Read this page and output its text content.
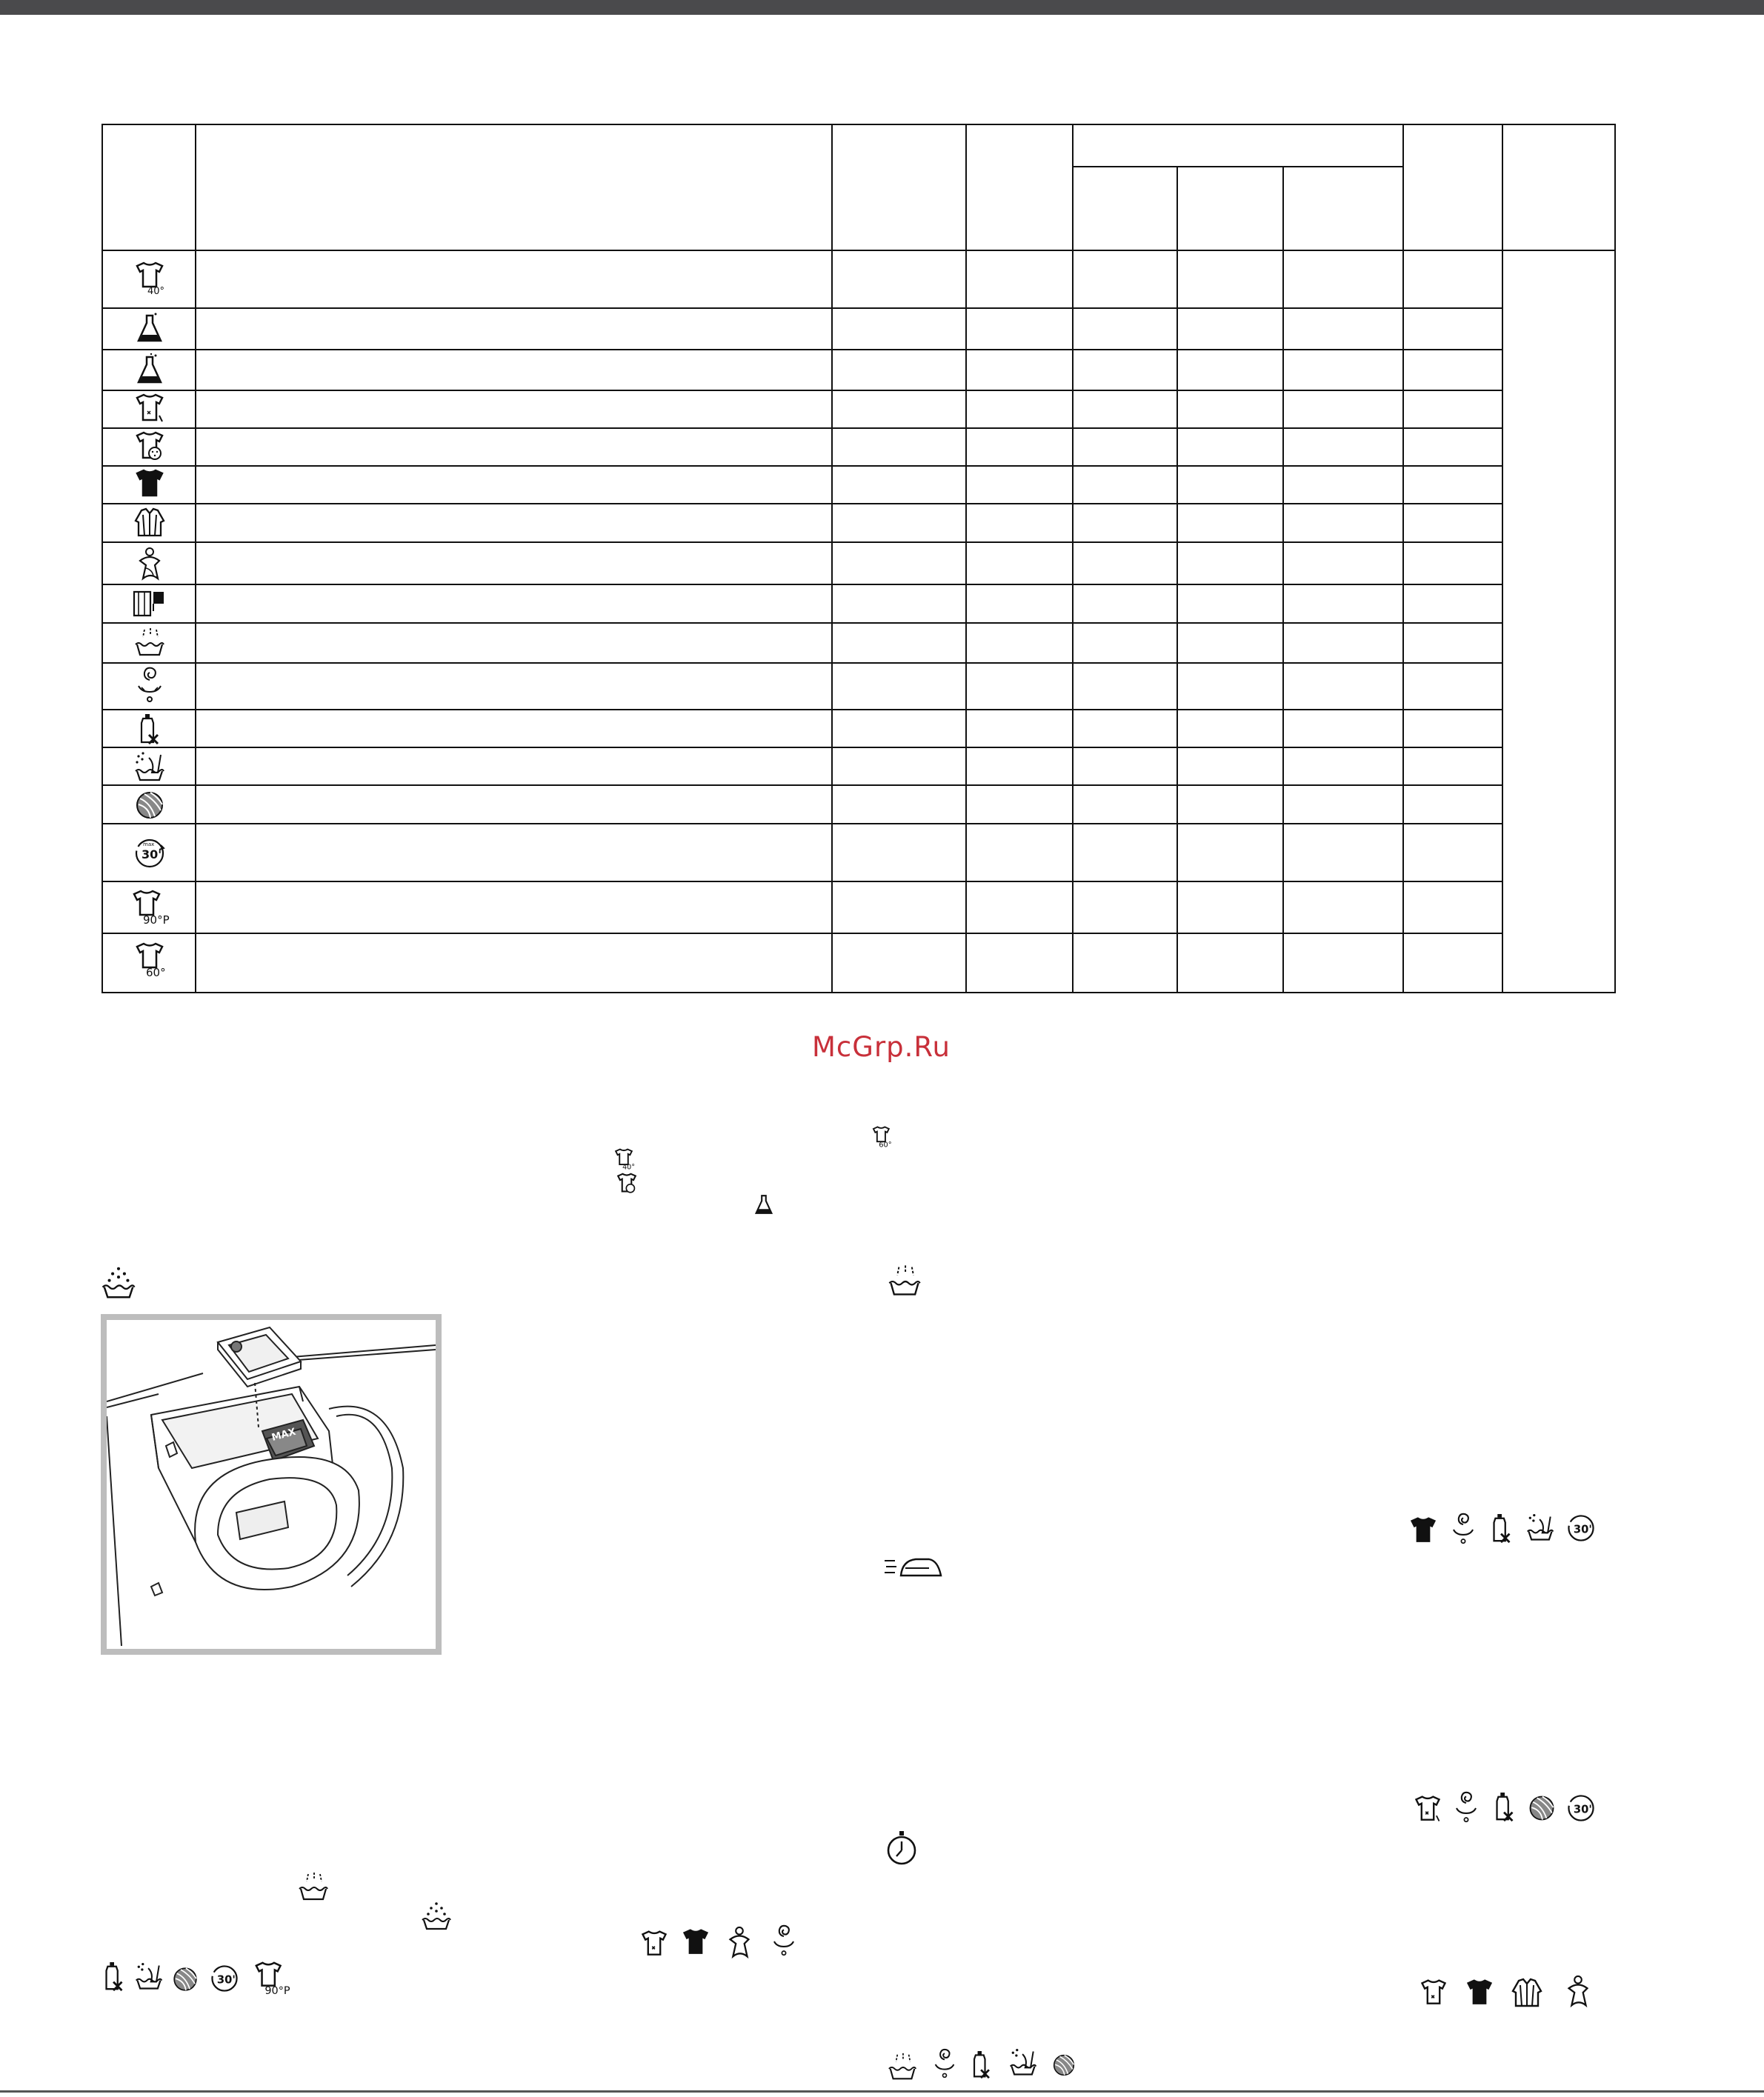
40°
30'
max
90°P
60°
McGrp.Ru
60°
40°
MAX
30'
30'
30'
90°P
